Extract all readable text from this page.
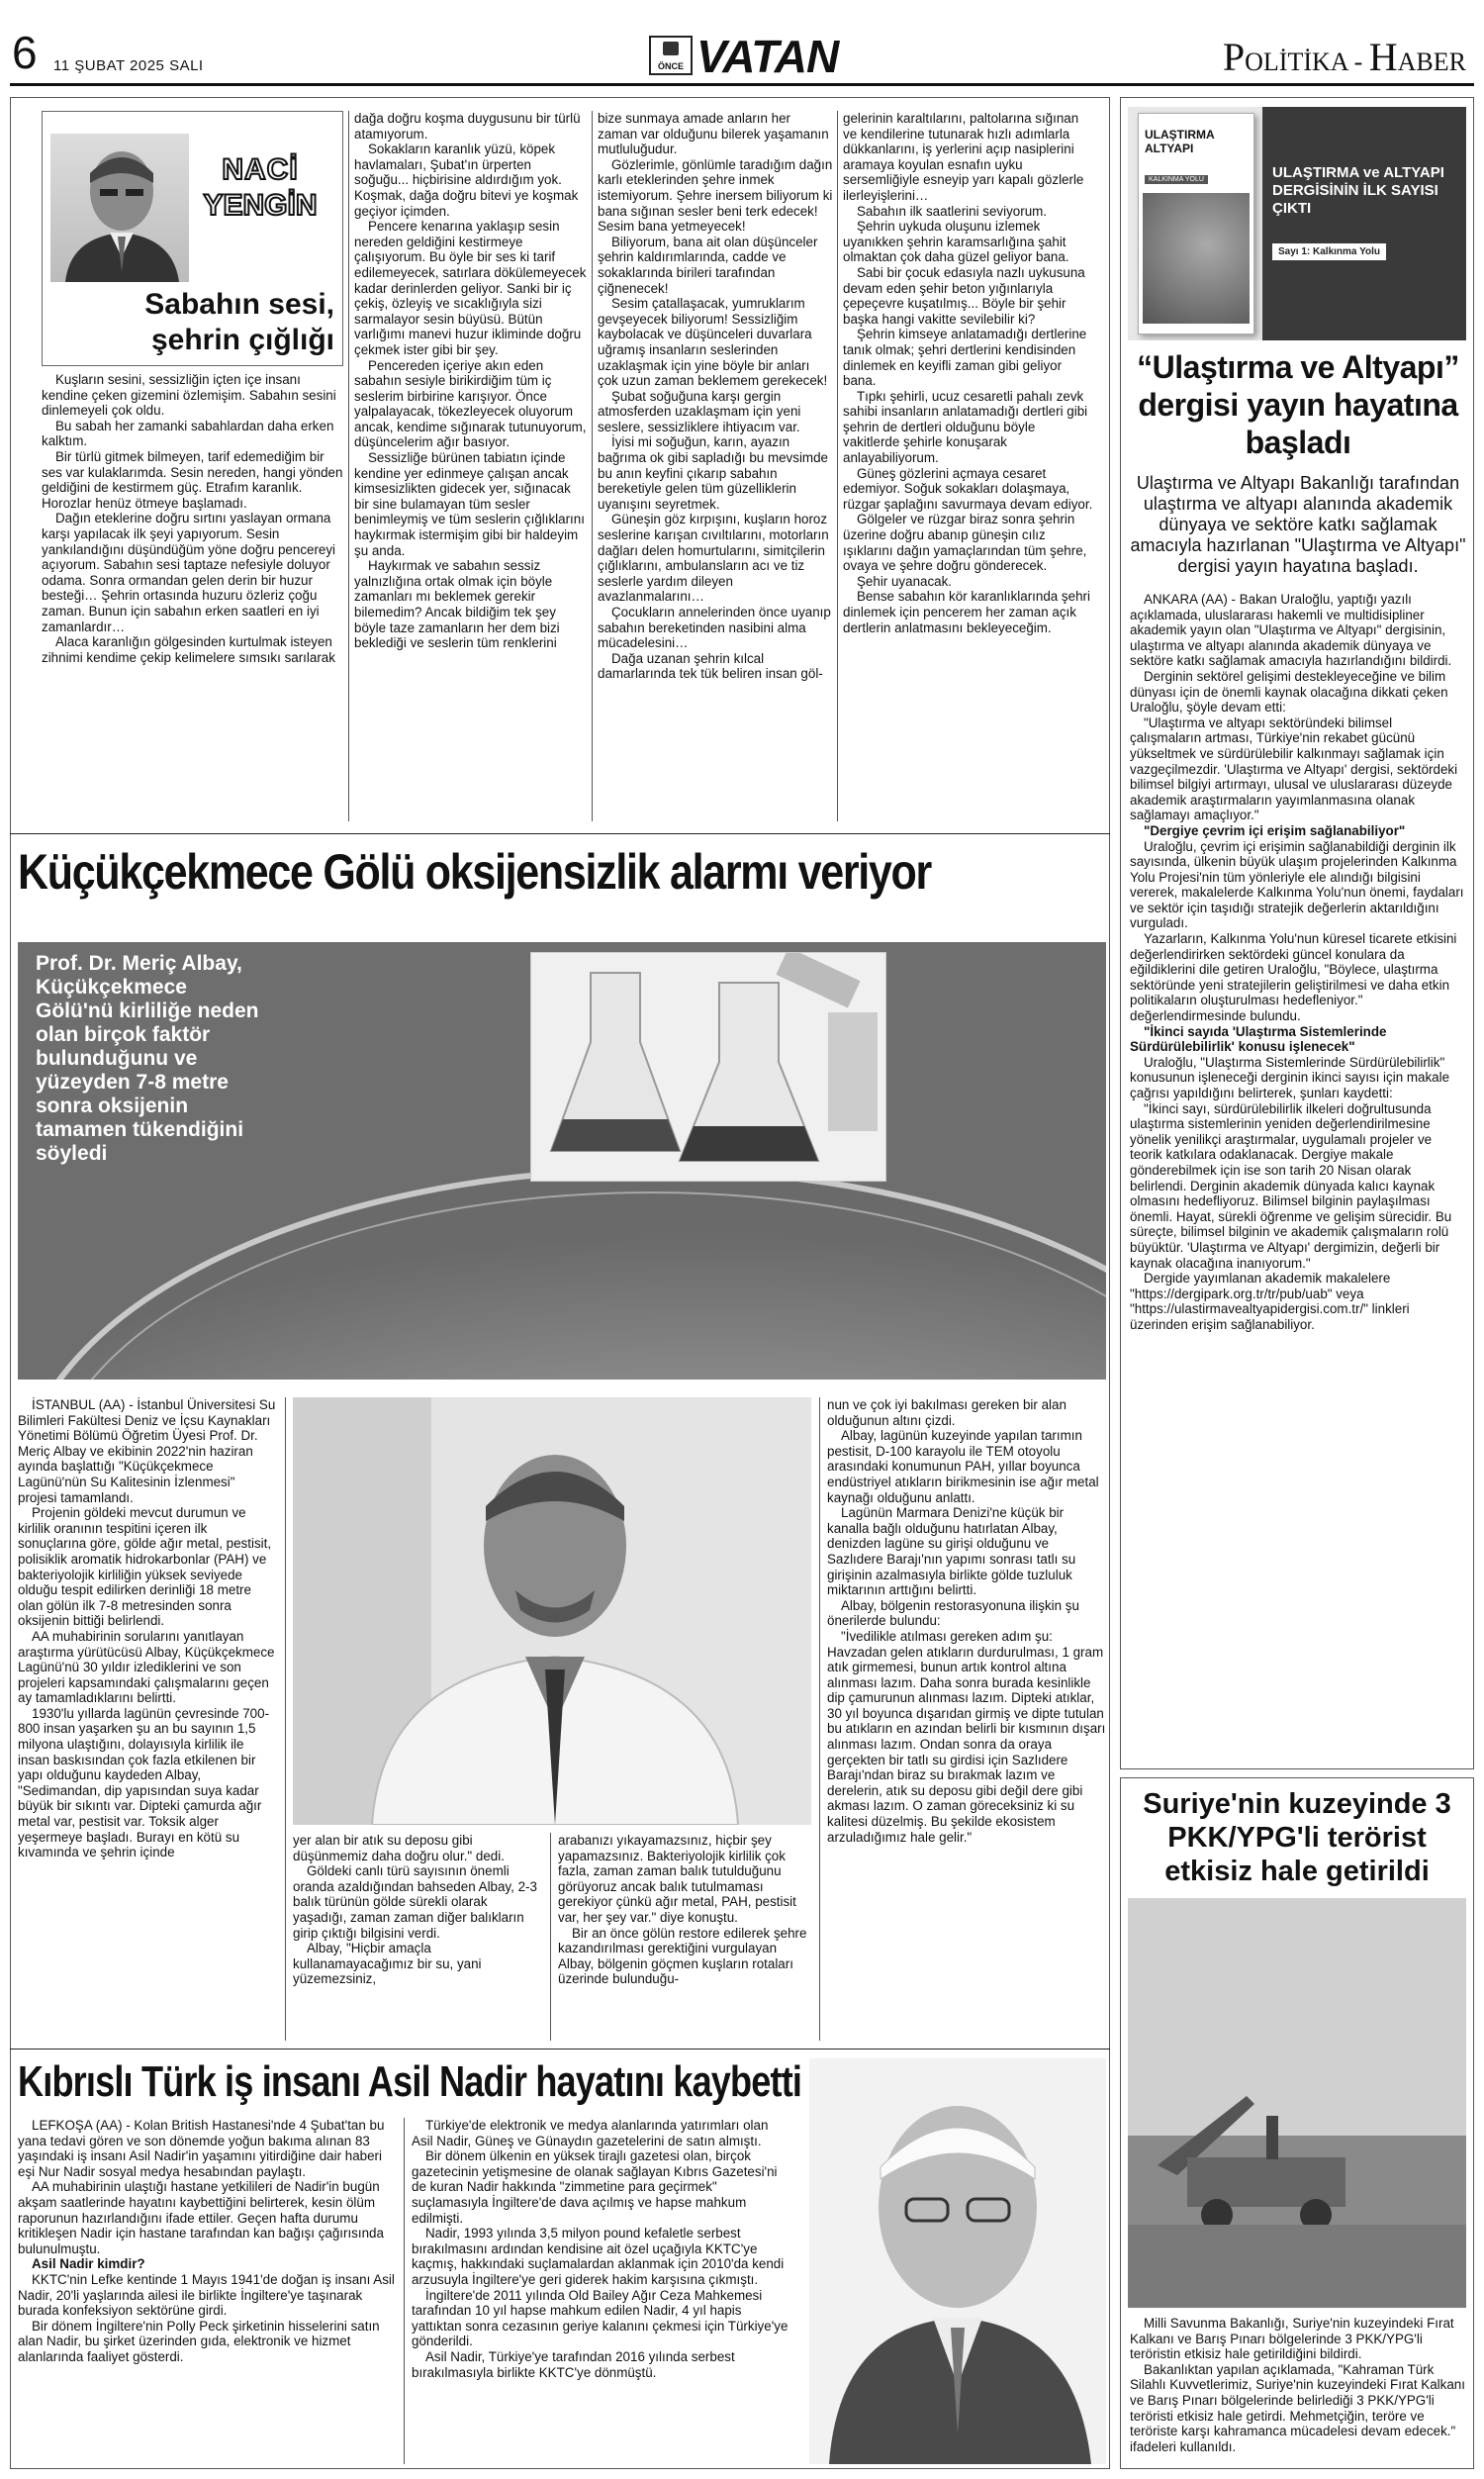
6 11 ŞUBAT 2025 SALI	ÖNCE VATAN	POLİTİKA - HABER
NACİ
YENGİN
Sabahın sesi,
şehrin çığlığı

Kuşların sesini, sessizliğin içten içe insanı kendine çeken gizemini özlemişim. Sabahın sesini dinlemeyeli çok oldu.

Bu sabah her zamanki sabahlardan daha erken kalktım.

Bir türlü gitmek bilmeyen, tarif edemediğim bir ses var kulaklarımda. Sesin nereden, hangi yönden geldiğini de kestirmem güç. Etrafım karanlık. Horozlar henüz ötmeye başlamadı.

Dağın eteklerine doğru sırtını yaslayan ormana karşı yapılacak ilk şeyi yapıyorum. Sesin yankılandığını düşündüğüm yöne doğru pencereyi açıyorum. Sabahın sesi taptaze nefesiyle doluyor odama. Sonra ormandan gelen derin bir huzur besteği… Şehrin ortasında huzuru özleriz çoğu zaman. Bunun için sabahın erken saatleri en iyi zamanlardır…

Alaca karanlığın gölgesinden kurtulmak isteyen zihnimi kendime çekip kelimelere sımsıkı sarılarak

dağa doğru koşma duygusunu bir türlü atamıyorum.

Sokakların karanlık yüzü, köpek havlamaları, Şubat'ın ürperten soğuğu... hiçbirisine aldırdığım yok. Koşmak, dağa doğru bitevi ye koşmak geçiyor içimden.

Pencere kenarına yaklaşıp sesin nereden geldiğini kestirmeye çalışıyorum. Bu öyle bir ses ki tarif edilemeyecek, satırlara dökülemeyecek kadar derinlerden geliyor. Sanki bir iç çekiş, özleyiş ve sıcaklığıyla sizi sarmalayor sesin büyüsü. Bütün varlığımı manevi huzur ikliminde doğru çekmek ister gibi bir şey.

Pencereden içeriye akın eden sabahın sesiyle birikirdiğim tüm iç seslerim birbirine karışıyor. Önce yalpalayacak, tökezleyecek oluyorum ancak, kendime sığınarak tutunuyorum, düşüncelerim ağır basıyor.

Sessizliğe bürünen tabiatın içinde kendine yer edinmeye çalışan ancak kimsesizlikten gidecek yer, sığınacak bir sine bulamayan tüm sesler benimleymiş ve tüm seslerin çığlıklarını haykırmak istermişim gibi bir haldeyim şu anda.

Haykırmak ve sabahın sessiz yalnızlığına ortak olmak için böyle zamanları mı beklemek gerekir bilemedim? Ancak bildiğim tek şey böyle taze zamanların her dem bizi beklediği ve seslerin tüm renklerini

bize sunmaya amade anların her zaman var olduğunu bilerek yaşamanın mutluluğudur.

Gözlerimle, gönlümle taradığım dağın karlı eteklerinden şehre inmek istemiyorum. Şehre inersem biliyorum ki bana sığınan sesler beni terk edecek! Sesim bana yetmeyecek!

Biliyorum, bana ait olan düşünceler şehrin kaldırımlarında, cadde ve sokaklarında birileri tarafından çiğnenecek!

Sesim çatallaşacak, yumruklarım gevşeyecek biliyorum! Sessizliğim kaybolacak ve düşünceleri duvarlara uğramış insanların seslerinden uzaklaşmak için yine böyle bir anları çok uzun zaman beklemem gerekecek!

Şubat soğuğuna karşı gergin atmosferden uzaklaşmam için yeni seslere, sessizliklere ihtiyacım var.

İyisi mi soğuğun, karın, ayazın bağrıma ok gibi sapladığı bu mevsimde bu anın keyfini çıkarıp sabahın bereketiyle gelen tüm güzelliklerin uyanışını seyretmek.

Güneşin göz kırpışını, kuşların horoz seslerine karışan cıvıltılarını, motorların dağları delen homurtularını, simitçilerin çığlıklarını, ambulansların acı ve tiz seslerle yardım dileyen avazlanmalarını…

Çocukların annelerinden önce uyanıp sabahın bereketinden nasibini alma mücadelesini…

Dağa uzanan şehrin kılcal damarlarında tek tük beliren insan göl-

gelerinin karaltılarını, paltolarına sığınan ve kendilerine tutunarak hızlı adımlarla dükkanlarını, iş yerlerini açıp nasiplerini aramaya koyulan esnafın uyku sersemliğiyle esneyip yarı kapalı gözlerle ilerleyişlerini…

Sabahın ilk saatlerini seviyorum.

Şehrin uykuda oluşunu izlemek uyanıkken şehrin karamsarlığına şahit olmaktan çok daha güzel geliyor bana.

Sabi bir çocuk edasıyla nazlı uykusuna devam eden şehir beton yığınlarıyla çepeçevre kuşatılmış... Böyle bir şehir başka hangi vakitte sevilebilir ki?

Şehrin kimseye anlatamadığı dertlerine tanık olmak; şehri dertlerini kendisinden dinlemek en keyifli zaman gibi geliyor bana.

Tıpkı şehirli, ucuz cesaretli pahalı zevk sahibi insanların anlatamadığı dertleri gibi şehrin de dertleri olduğunu böyle vakitlerde şehirle konuşarak anlayabiliyorum.

Güneş gözlerini açmaya cesaret edemiyor. Soğuk sokakları dolaşmaya, rüzgar şaplağını savurmaya devam ediyor.

Gölgeler ve rüzgar biraz sonra şehrin üzerine doğru abanıp güneşin cılız ışıklarını dağın yamaçlarından tüm şehre, ovaya ve şehre doğru gönderecek.

Şehir uyanacak.

Bense sabahın kör karanlıklarında şehri dinlemek için pencerem her zaman açık dertlerin anlatmasını bekleyeceğim.

Küçükçekmece Gölü oksijensizlik alarmı veriyor
Prof. Dr. Meriç Albay, Küçükçekmece Gölü'nü kirliliğe neden olan birçok faktör bulunduğunu ve yüzeyden 7-8 metre sonra oksijenin tamamen tükendiğini söyledi

İSTANBUL (AA) - İstanbul Üniversitesi Su Bilimleri Fakültesi Deniz ve İçsu Kaynakları Yönetimi Bölümü Öğretim Üyesi Prof. Dr. Meriç Albay ve ekibinin 2022'nin haziran ayında başlattığı "Küçükçekmece Lagünü'nün Su Kalitesinin İzlenmesi" projesi tamamlandı.

Projenin göldeki mevcut durumun ve kirlilik oranının tespitini içeren ilk sonuçlarına göre, gölde ağır metal, pestisit, polisiklik aromatik hidrokarbonlar (PAH) ve bakteriyolojik kirliliğin yüksek seviyede olduğu tespit edilirken derinliği 18 metre olan gölün ilk 7-8 metresinden sonra oksijenin bittiği belirlendi.

AA muhabirinin sorularını yanıtlayan araştırma yürütücüsü Albay, Küçükçekmece Lagünü'nü 30 yıldır izlediklerini ve son projeleri kapsamındaki çalışmalarını geçen ay tamamladıklarını belirtti.

1930'lu yıllarda lagünün çevresinde 700-800 insan yaşarken şu an bu sayının 1,5 milyona ulaştığını, dolayısıyla kirlilik ile insan baskısından çok fazla etkilenen bir yapı olduğunu kaydeden Albay, "Sedimandan, dip yapısından suya kadar büyük bir sıkıntı var. Dipteki çamurda ağır metal var, pestisit var. Toksik alger yeşermeye başladı. Burayı en kötü su kıvamında ve şehrin içinde

yer alan bir atık su deposu gibi düşünmemiz daha doğru olur." dedi.

Göldeki canlı türü sayısının önemli oranda azaldığından bahseden Albay, 2-3 balık türünün gölde sürekli olarak yaşadığı, zaman zaman diğer balıkların girip çıktığı bilgisini verdi.

Albay, "Hiçbir amaçla kullanamayacağımız bir su, yani yüzemezsiniz,

arabanızı yıkayamazsınız, hiçbir şey yapamazsınız. Bakteriyolojik kirlilik çok fazla, zaman zaman balık tutulduğunu görüyoruz ancak balık tutulmaması gerekiyor çünkü ağır metal, PAH, pestisit var, her şey var." diye konuştu.

Bir an önce gölün restore edilerek şehre kazandırılması gerektiğini vurgulayan Albay, bölgenin göçmen kuşların rotaları üzerinde bulunduğu-

nun ve çok iyi bakılması gereken bir alan olduğunun altını çizdi.

Albay, lagünün kuzeyinde yapılan tarımın pestisit, D-100 karayolu ile TEM otoyolu arasındaki konumunun PAH, yıllar boyunca endüstriyel atıkların birikmesinin ise ağır metal kaynağı olduğunu anlattı.

Lagünün Marmara Denizi'ne küçük bir kanalla bağlı olduğunu hatırlatan Albay, denizden lagüne su girişi olduğunu ve Sazlıdere Barajı'nın yapımı sonrası tatlı su girişinin azalmasıyla birlikte gölde tuzluluk miktarının arttığını belirtti.

Albay, bölgenin restorasyonuna ilişkin şu önerilerde bulundu:

"İvedilikle atılması gereken adım şu: Havzadan gelen atıkların durdurulması, 1 gram atık girmemesi, bunun artık kontrol altına alınması lazım. Daha sonra burada kesinlikle dip çamurunun alınması lazım. Dipteki atıklar, 30 yıl boyunca dışarıdan girmiş ve dipte tutulan bu atıkların en azından belirli bir kısmının dışarı alınması lazım. Ondan sonra da oraya gerçekten bir tatlı su girdisi için Sazlıdere Barajı'ndan biraz su bırakmak lazım ve derelerin, atık su deposu gibi değil dere gibi akması lazım. O zaman göreceksiniz ki su kalitesi düzelmiş. Bu şekilde ekosistem arzuladığımız hale gelir."

Kıbrıslı Türk iş insanı Asil Nadir hayatını kaybetti

LEFKOŞA (AA) - Kolan British Hastanesi'nde 4 Şubat'tan bu yana tedavi gören ve son dönemde yoğun bakıma alınan 83 yaşındaki iş insanı Asil Nadir'in yaşamını yitirdiğine dair haberi eşi Nur Nadir sosyal medya hesabından paylaştı.

AA muhabirinin ulaştığı hastane yetkilileri de Nadir'in bugün akşam saatlerinde hayatını kaybettiğini belirterek, kesin ölüm raporunun hazırlandığını ifade ettiler. Geçen hafta durumu kritikleşen Nadir için hastane tarafından kan bağışı çağırısında bulunulmuştu.

Asil Nadir kimdir?

KKTC'nin Lefke kentinde 1 Mayıs 1941'de doğan iş insanı Asil Nadir, 20'li yaşlarında ailesi ile birlikte İngiltere'ye taşınarak burada konfeksiyon sektörüne girdi.

Bir dönem İngiltere'nin Polly Peck şirketinin hisselerini satın alan Nadir, bu şirket üzerinden gıda, elektronik ve hizmet alanlarında faaliyet gösterdi.

Türkiye'de elektronik ve medya alanlarında yatırımları olan Asil Nadir, Güneş ve Günaydın gazetelerini de satın almıştı.

Bir dönem ülkenin en yüksek tirajlı gazetesi olan, birçok gazetecinin yetişmesine de olanak sağlayan Kıbrıs Gazetesi'ni de kuran Nadir hakkında "zimmetine para geçirmek" suçlamasıyla İngiltere'de dava açılmış ve hapse mahkum edilmişti.

Nadir, 1993 yılında 3,5 milyon pound kefaletle serbest bırakılmasını ardından kendisine ait özel uçağıyla KKTC'ye kaçmış, hakkındaki suçlamalardan aklanmak için 2010'da kendi arzusuyla İngiltere'ye geri giderek hakim karşısına çıkmıştı.

İngiltere'de 2011 yılında Old Bailey Ağır Ceza Mahkemesi tarafından 10 yıl hapse mahkum edilen Nadir, 4 yıl hapis yattıktan sonra cezasının geriye kalanını çekmesi için Türkiye'ye gönderildi.

Asil Nadir, Türkiye'ye tarafından 2016 yılında serbest bırakılmasıyla birlikte KKTC'ye dönmüştü.

ULAŞTIRMA
ALTYAPI
KALKINMA YOLU	ULAŞTIRMA ve ALTYAPI DERGİSİNİN İLK SAYISI ÇIKTI
Sayı 1: Kalkınma Yolu
“Ulaştırma ve Altyapı” dergisi yayın hayatına başladı
Ulaştırma ve Altyapı Bakanlığı tarafından ulaştırma ve altyapı alanında akademik dünyaya ve sektöre katkı sağlamak amacıyla hazırlanan "Ulaştırma ve Altyapı" dergisi yayın hayatına başladı.

ANKARA (AA) - Bakan Uraloğlu, yaptığı yazılı açıklamada, uluslararası hakemli ve multidisipliner akademik yayın olan "Ulaştırma ve Altyapı" dergisinin, ulaştırma ve altyapı alanında akademik dünyaya ve sektöre katkı sağlamak amacıyla hazırlandığını bildirdi.

Derginin sektörel gelişimi destekleyeceğine ve bilim dünyası için de önemli kaynak olacağına dikkati çeken Uraloğlu, şöyle devam etti:

"Ulaştırma ve altyapı sektöründeki bilimsel çalışmaların artması, Türkiye'nin rekabet gücünü yükseltmek ve sürdürülebilir kalkınmayı sağlamak için vazgeçilmezdir. 'Ulaştırma ve Altyapı' dergisi, sektördeki bilimsel bilgiyi artırmayı, ulusal ve uluslararası düzeyde akademik araştırmaların yayımlanmasına olanak sağlamayı amaçlıyor."

"Dergiye çevrim içi erişim sağlanabiliyor"

Uraloğlu, çevrim içi erişimin sağlanabildiği derginin ilk sayısında, ülkenin büyük ulaşım projelerinden Kalkınma Yolu Projesi'nin tüm yönleriyle ele alındığı bilgisini vererek, makalelerde Kalkınma Yolu'nun önemi, faydaları ve sektör için taşıdığı stratejik değerlerin aktarıldığını vurguladı.

Yazarların, Kalkınma Yolu'nun küresel ticarete etkisini değerlendirirken sektördeki güncel konulara da eğildiklerini dile getiren Uraloğlu, "Böylece, ulaştırma sektöründe yeni stratejilerin geliştirilmesi ve daha etkin politikaların oluşturulması hedefleniyor." değerlendirmesinde bulundu.

"İkinci sayıda 'Ulaştırma Sistemlerinde Sürdürülebilirlik' konusu işlenecek"

Uraloğlu, "Ulaştırma Sistemlerinde Sürdürülebilirlik" konusunun işleneceği derginin ikinci sayısı için makale çağrısı yapıldığını belirterek, şunları kaydetti:

"İkinci sayı, sürdürülebilirlik ilkeleri doğrultusunda ulaştırma sistemlerinin yeniden değerlendirilmesine yönelik yenilikçi araştırmalar, uygulamalı projeler ve teorik katkılara odaklanacak. Dergiye makale gönderebilmek için ise son tarih 20 Nisan olarak belirlendi. Derginin akademik dünyada kalıcı kaynak olmasını hedefliyoruz. Bilimsel bilginin paylaşılması önemli. Hayat, sürekli öğrenme ve gelişim sürecidir. Bu süreçte, bilimsel bilginin ve akademik çalışmaların rolü büyüktür. 'Ulaştırma ve Altyapı' dergimizin, değerli bir kaynak olacağına inanıyorum."

Dergide yayımlanan akademik makalelere "https://dergipark.org.tr/tr/pub/uab" veya "https://ulastirmavealtyapidergisi.com.tr/" linkleri üzerinden erişim sağlanabiliyor.

Suriye'nin kuzeyinde 3 PKK/YPG'li terörist etkisiz hale getirildi

Milli Savunma Bakanlığı, Suriye'nin kuzeyindeki Fırat Kalkanı ve Barış Pınarı bölgelerinde 3 PKK/YPG'li teröristin etkisiz hale getirildiğini bildirdi.

Bakanlıktan yapılan açıklamada, "Kahraman Türk Silahlı Kuvvetlerimiz, Suriye'nin kuzeyindeki Fırat Kalkanı ve Barış Pınarı bölgelerinde belirlediği 3 PKK/YPG'li teröristi etkisiz hale getirdi. Mehmetçiğin, teröre ve teröriste karşı kahramanca mücadelesi devam edecek." ifadeleri kullanıldı.
